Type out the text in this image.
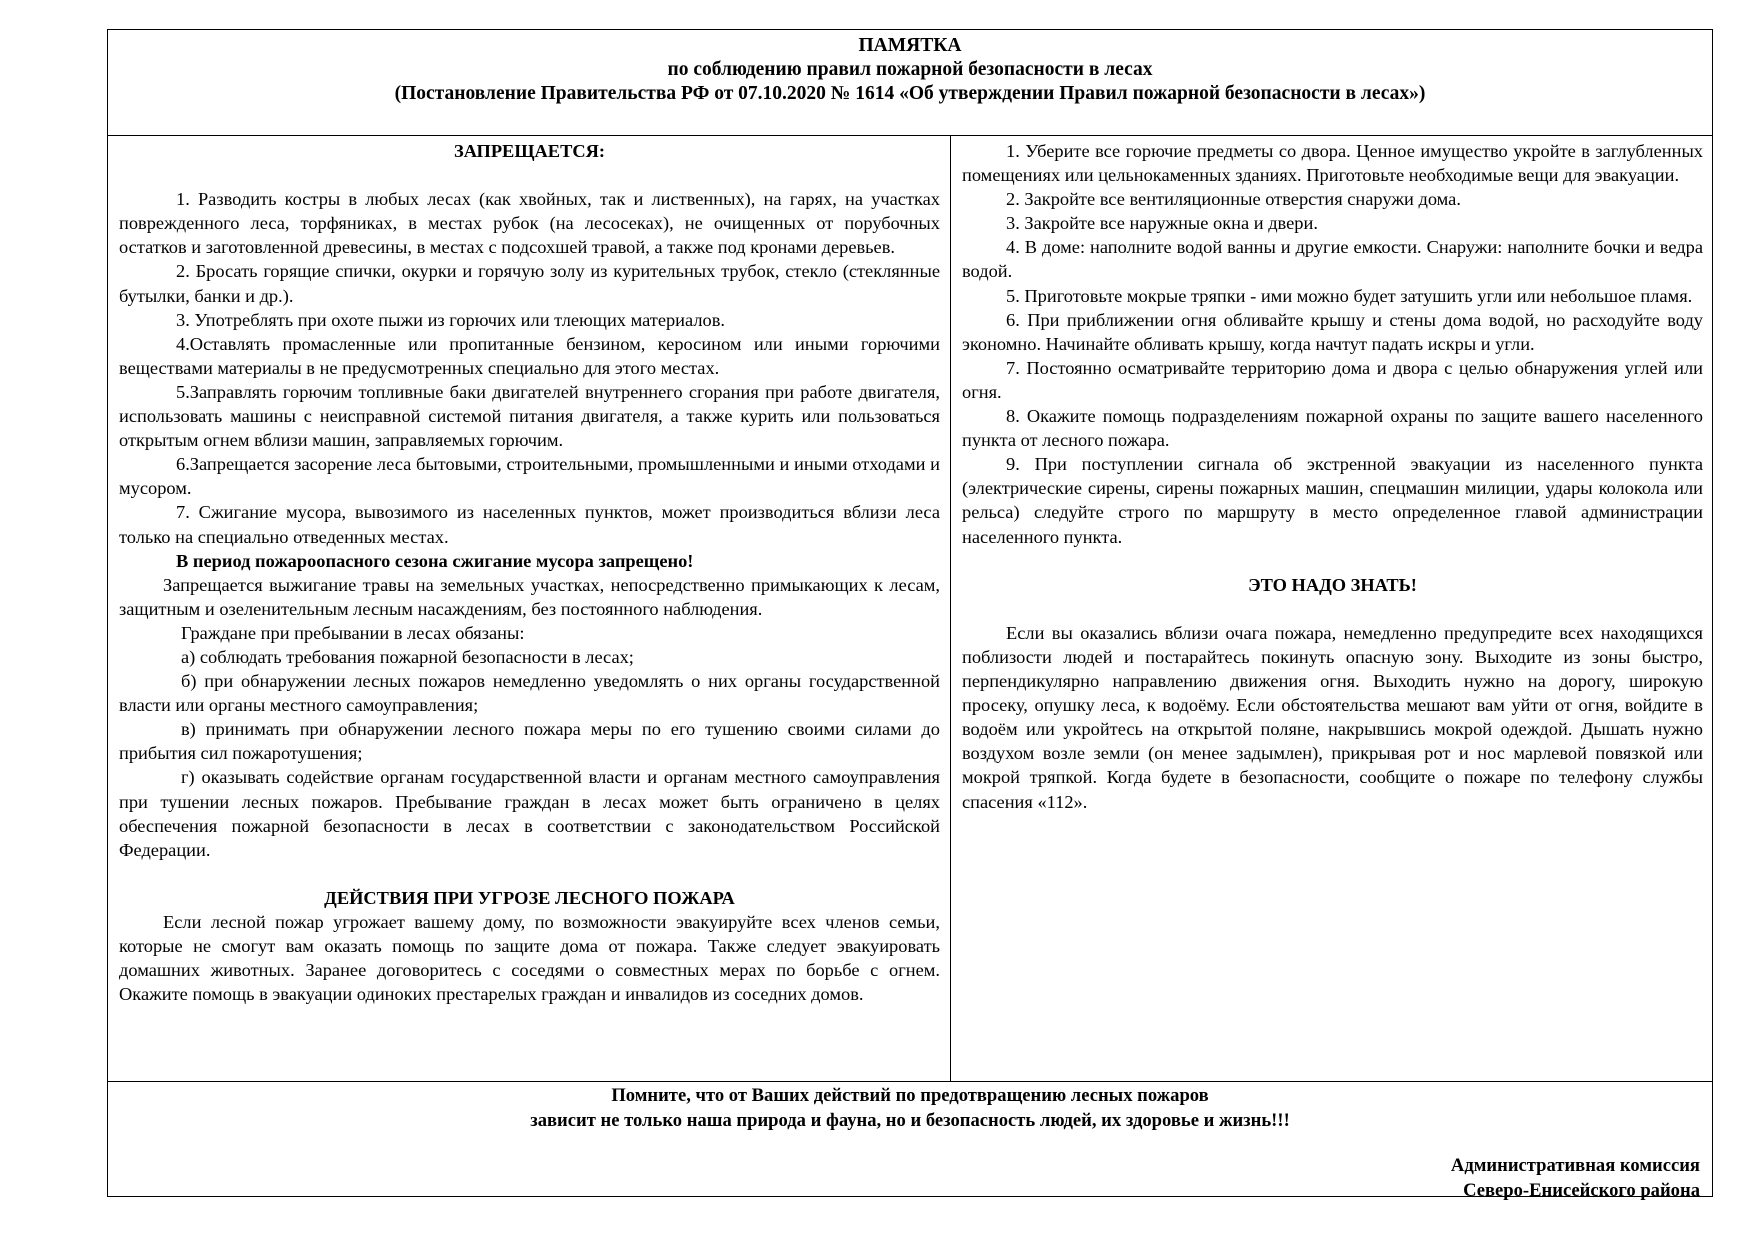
ПАМЯТКА
по соблюдению правил пожарной безопасности в лесах
(Постановление Правительства РФ от 07.10.2020 № 1614 «Об утверждении Правил пожарной безопасности в лесах»)

ЗАПРЕЩАЕТСЯ:

1. Разводить костры в любых лесах (как хвойных, так и лиственных), на гарях, на участках поврежденного леса, торфяниках, в местах рубок (на лесосеках), не очищенных от порубочных остатков и заготовленной древесины, в местах с подсохшей травой, а также под кронами деревьев.

2. Бросать горящие спички, окурки и горячую золу из курительных трубок, стекло (стеклянные бутылки, банки и др.).

3. Употреблять при охоте пыжи из горючих или тлеющих материалов.

4.Оставлять промасленные или пропитанные бензином, керосином или иными горючими веществами материалы в не предусмотренных специально для этого местах.

5.Заправлять горючим топливные баки двигателей внутреннего сгорания при работе двигателя, использовать машины с неисправной системой питания двигателя, а также курить или пользоваться открытым огнем вблизи машин, заправляемых горючим.

6.Запрещается засорение леса бытовыми, строительными, промышленными и иными отходами и мусором.

7. Сжигание мусора, вывозимого из населенных пунктов, может производиться вблизи леса только на специально отведенных местах.

В период пожароопасного сезона сжигание мусора запрещено!

Запрещается выжигание травы на земельных участках, непосредственно примыкающих к лесам, защитным и озеленительным лесным насаждениям, без постоянного наблюдения.

Граждане при пребывании в лесах обязаны:

а) соблюдать требования пожарной безопасности в лесах;

б) при обнаружении лесных пожаров немедленно уведомлять о них органы государственной власти или органы местного самоуправления;

в) принимать при обнаружении лесного пожара меры по его тушению своими силами до прибытия сил пожаротушения;

г) оказывать содействие органам государственной власти и органам местного самоуправления при тушении лесных пожаров. Пребывание граждан в лесах может быть ограничено в целях обеспечения пожарной безопасности в лесах в соответствии с законодательством Российской Федерации.

ДЕЙСТВИЯ ПРИ УГРОЗЕ ЛЕСНОГО ПОЖАРА

Если лесной пожар угрожает вашему дому, по возможности эвакуируйте всех членов семьи, которые не смогут вам оказать помощь по защите дома от пожара. Также следует эвакуировать домашних животных. Заранее договоритесь с соседями о совместных мерах по борьбе с огнем. Окажите помощь в эвакуации одиноких престарелых граждан и инвалидов из соседних домов.

1. Уберите все горючие предметы со двора. Ценное имущество укройте в заглубленных помещениях или цельнокаменных зданиях. Приготовьте необходимые вещи для эвакуации.

2. Закройте все вентиляционные отверстия снаружи дома.

3. Закройте все наружные окна и двери.

4. В доме: наполните водой ванны и другие емкости. Снаружи: наполните бочки и ведра водой.

5. Приготовьте мокрые тряпки - ими можно будет затушить угли или небольшое пламя.

6. При приближении огня обливайте крышу и стены дома водой, но расходуйте воду экономно. Начинайте обливать крышу, когда начтут падать искры и угли.

7. Постоянно осматривайте территорию дома и двора с целью обнаружения углей или огня.

8. Окажите помощь подразделениям пожарной охраны по защите вашего населенного пункта от лесного пожара.

9. При поступлении сигнала об экстренной эвакуации из населенного пункта (электрические сирены, сирены пожарных машин, спецмашин милиции, удары колокола или рельса) следуйте строго по маршруту в место определенное главой администрации населенного пункта.

ЭТО НАДО ЗНАТЬ!

Если вы оказались вблизи очага пожара, немедленно предупредите всех находящихся поблизости людей и постарайтесь покинуть опасную зону. Выходите из зоны быстро, перпендикулярно направлению движения огня. Выходить нужно на дорогу, широкую просеку, опушку леса, к водоёму. Если обстоятельства мешают вам уйти от огня, войдите в водоём или укройтесь на открытой поляне, накрывшись мокрой одеждой. Дышать нужно воздухом возле земли (он менее задымлен), прикрывая рот и нос марлевой повязкой или мокрой тряпкой. Когда будете в безопасности, сообщите о пожаре по телефону службы спасения «112».

Помните, что от Ваших действий по предотвращению лесных пожаров
зависит не только наша природа и фауна, но и безопасность людей, их здоровье и жизнь!!!
Административная комиссия
Северо-Енисейского района
